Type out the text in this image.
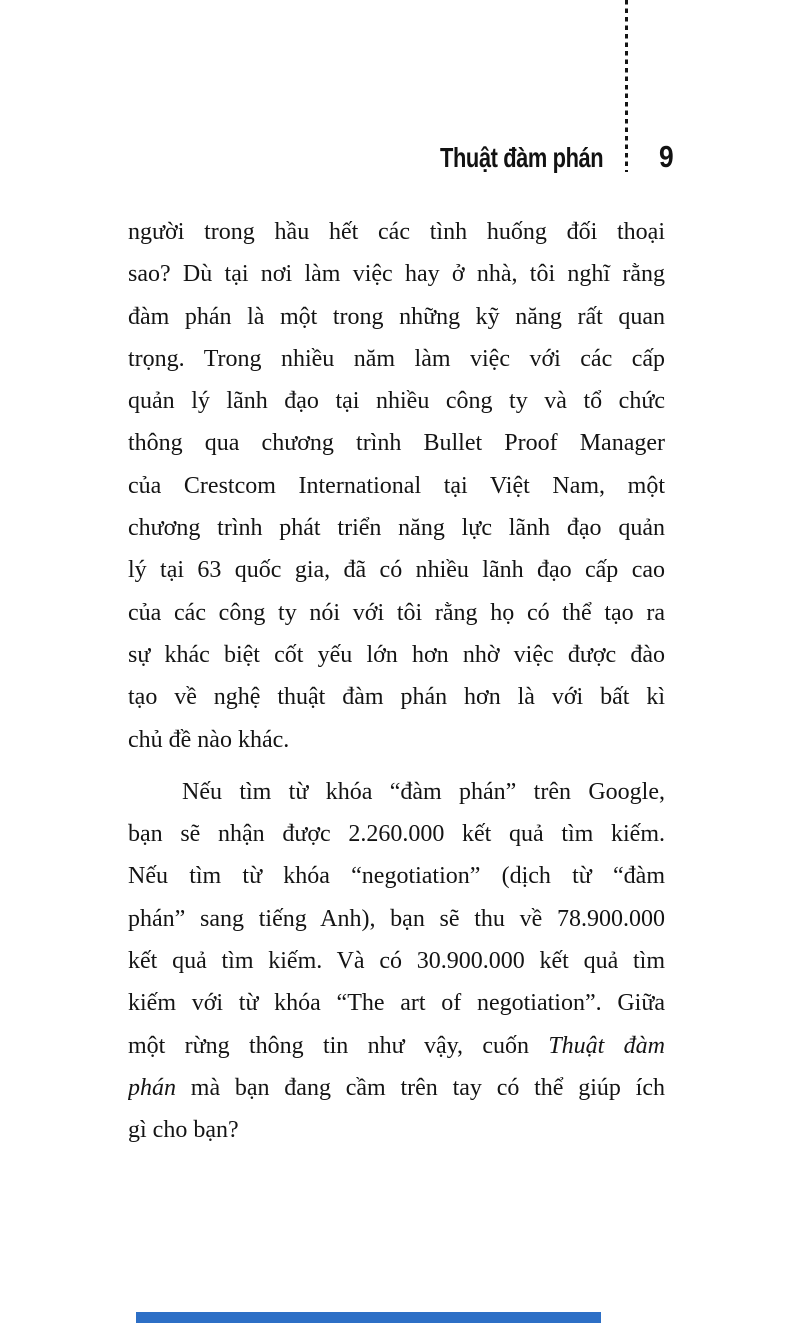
Thuật đàm phán 9
người trong hầu hết các tình huống đối thoại
sao? Dù tại nơi làm việc hay ở nhà, tôi nghĩ rằng
đàm phán là một trong những kỹ năng rất quan
trọng. Trong nhiều năm làm việc với các cấp
quản lý lãnh đạo tại nhiều công ty và tổ chức
thông qua chương trình Bullet Proof Manager
của Crestcom International tại Việt Nam, một
chương trình phát triển năng lực lãnh đạo quản
lý tại 63 quốc gia, đã có nhiều lãnh đạo cấp cao
của các công ty nói với tôi rằng họ có thể tạo ra
sự khác biệt cốt yếu lớn hơn nhờ việc được đào
tạo về nghệ thuật đàm phán hơn là với bất kì
chủ đề nào khác.
Nếu tìm từ khóa “đàm phán” trên Google,
bạn sẽ nhận được 2.260.000 kết quả tìm kiếm.
Nếu tìm từ khóa “negotiation” (dịch từ “đàm
phán” sang tiếng Anh), bạn sẽ thu về 78.900.000
kết quả tìm kiếm. Và có 30.900.000 kết quả tìm
kiếm với từ khóa “The art of negotiation”. Giữa
một rừng thông tin như vậy, cuốn Thuật đàm
phán mà bạn đang cầm trên tay có thể giúp ích
gì cho bạn?
